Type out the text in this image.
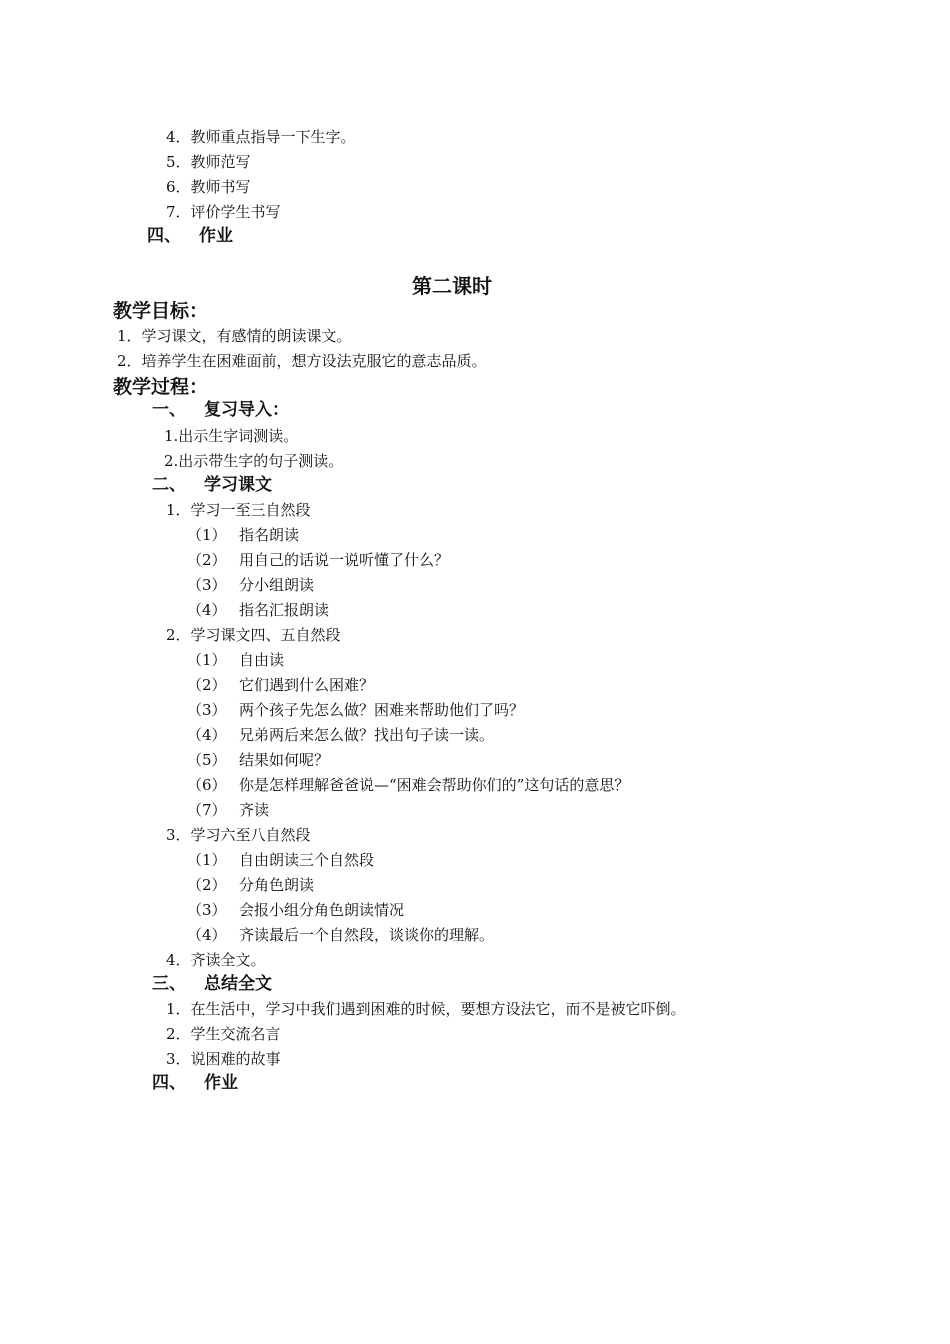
4．教师重点指导一下生字。
5．教师范写
6．教师书写
7．评价学生书写
四、 作业
第二课时
教学目标：
1．学习课文，有感情的朗读课文。
2．培养学生在困难面前，想方设法克服它的意志品质。
教学过程：
一、 复习导入：
1.出示生字词测读。
2.出示带生字的句子测读。
二、 学习课文
1．学习一至三自然段
（1） 指名朗读
（2） 用自己的话说一说听懂了什么？
（3） 分小组朗读
（4） 指名汇报朗读
2．学习课文四、五自然段
（1） 自由读
（2） 它们遇到什么困难？
（3） 两个孩子先怎么做？困难来帮助他们了吗？
（4） 兄弟两后来怎么做？找出句子读一读。
（5） 结果如何呢？
（6） 你是怎样理解爸爸说—“困难会帮助你们的”这句话的意思？
（7） 齐读
3．学习六至八自然段
（1） 自由朗读三个自然段
（2） 分角色朗读
（3） 会报小组分角色朗读情况
（4） 齐读最后一个自然段，谈谈你的理解。
4．齐读全文。
三、 总结全文
1．在生活中，学习中我们遇到困难的时候，要想方设法它，而不是被它吓倒。
2．学生交流名言
3．说困难的故事
四、 作业
